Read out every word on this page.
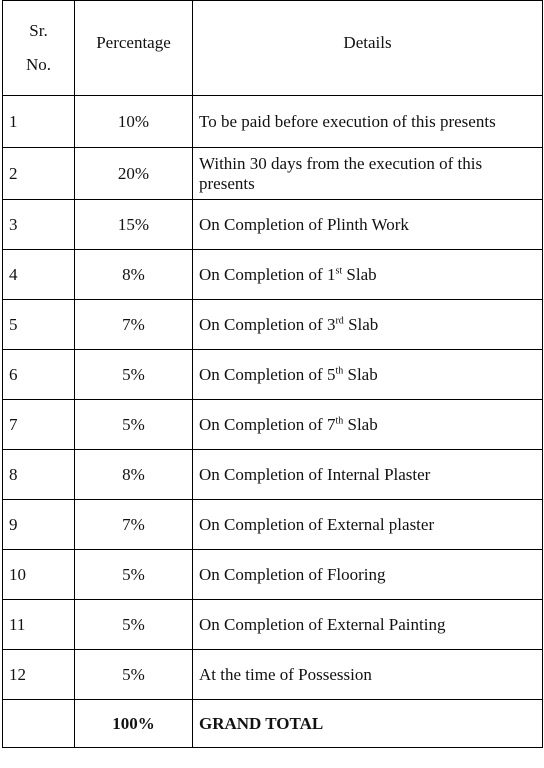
Sr.
No.	Percentage	Details
1	10%	To be paid before execution of this presents
2	20%	Within 30 days from the execution of this presents
3	15%	On Completion of Plinth Work
4	8%	On Completion of 1st Slab
5	7%	On Completion of 3rd Slab
6	5%	On Completion of 5th Slab
7	5%	On Completion of 7th Slab
8	8%	On Completion of Internal Plaster
9	7%	On Completion of External plaster
10	5%	On Completion of Flooring
11	5%	On Completion of External Painting
12	5%	At the time of Possession
	100%	GRAND TOTAL
